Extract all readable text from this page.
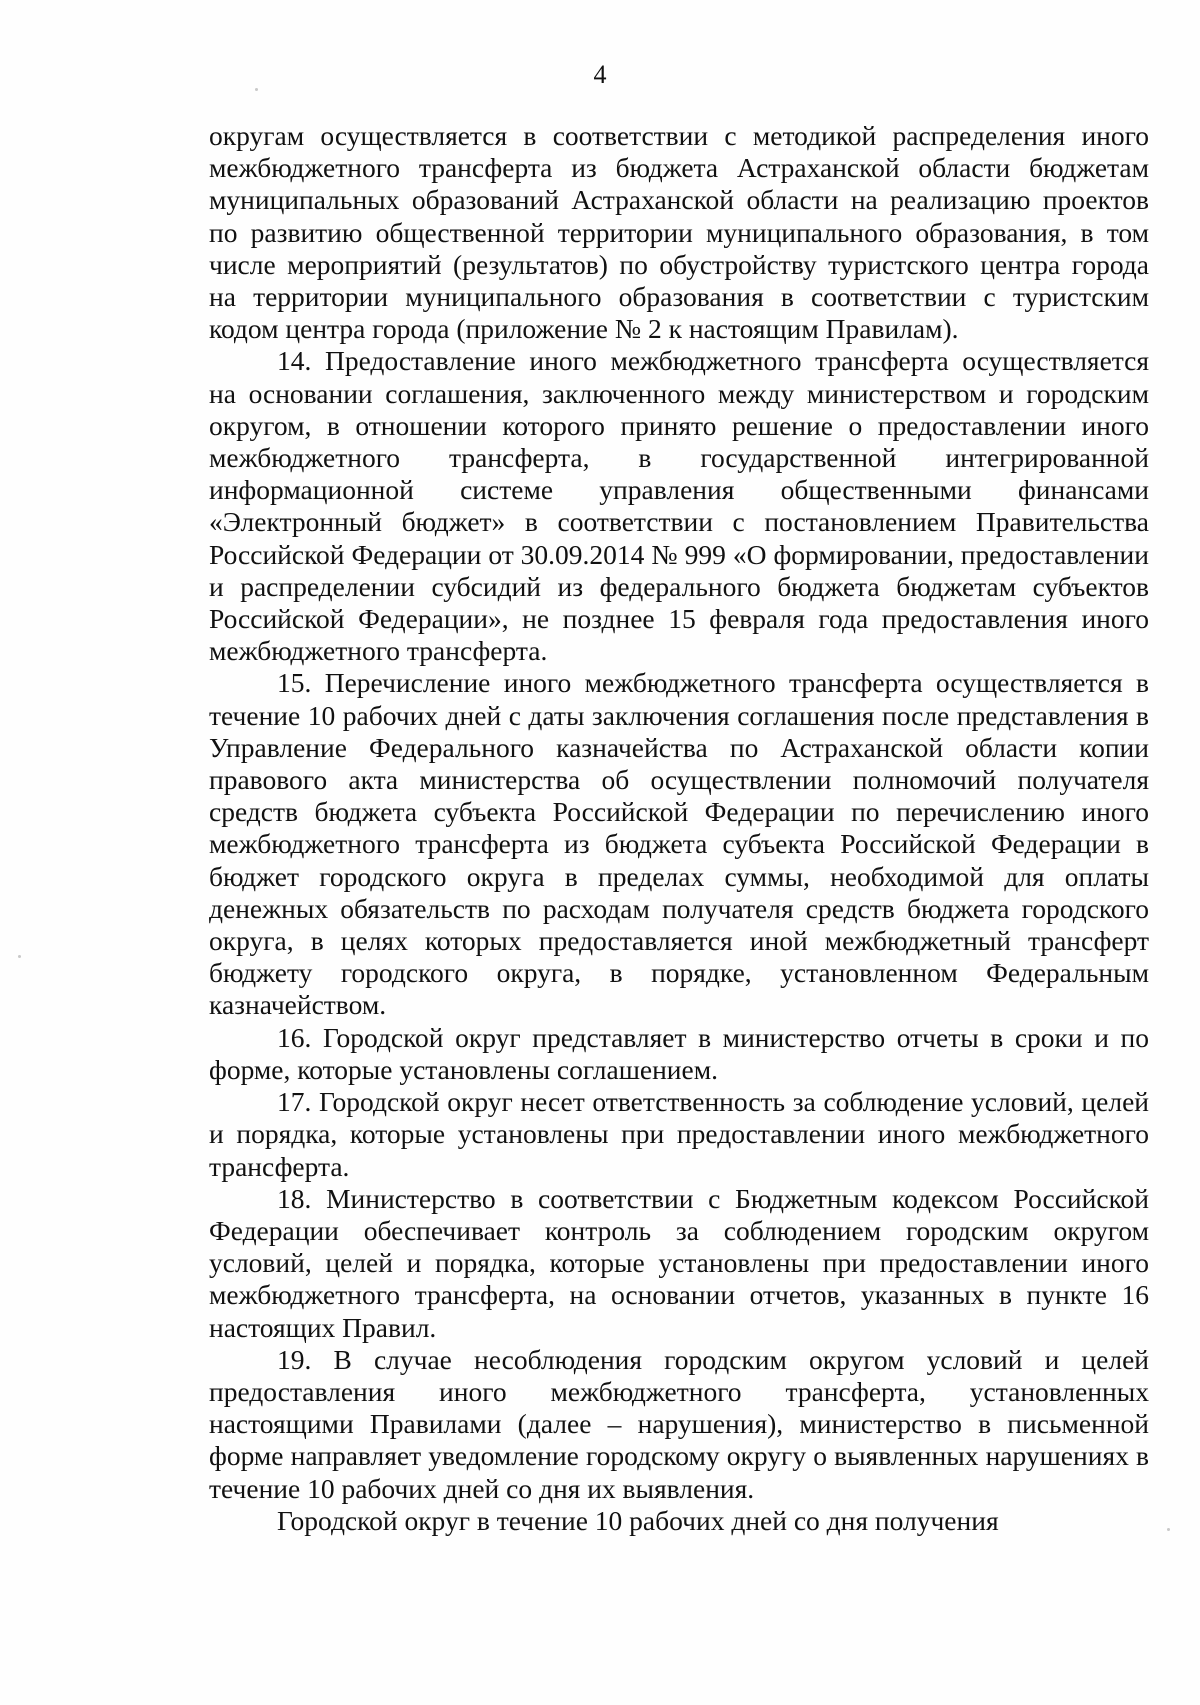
4

округам осуществляется в соответствии с методикой распределения иного межбюджетного трансферта из бюджета Астраханской области бюджетам муниципальных образований Астраханской области на реализацию проектов по развитию общественной территории муниципального образования, в том числе мероприятий (результатов) по обустройству туристского центра города на территории муниципального образования в соответствии с туристским кодом центра города (приложение № 2 к настоящим Правилам).

14. Предоставление иного межбюджетного трансферта осуществляется на основании соглашения, заключенного между министерством и городским округом, в отношении которого принято решение о предоставлении иного межбюджетного трансферта, в государственной интегрированной информационной системе управления общественными финансами «Электронный бюджет» в соответствии с постановлением Правительства Российской Федерации от 30.09.2014 № 999 «О формировании, предоставлении и распределении субсидий из федерального бюджета бюджетам субъектов Российской Федерации», не позднее 15 февраля года предоставления иного межбюджетного трансферта.

15. Перечисление иного межбюджетного трансферта осуществляется в течение 10 рабочих дней с даты заключения соглашения после представления в Управление Федерального казначейства по Астраханской области копии правового акта министерства об осуществлении полномочий получателя средств бюджета субъекта Российской Федерации по перечислению иного межбюджетного трансферта из бюджета субъекта Российской Федерации в бюджет городского округа в пределах суммы, необходимой для оплаты денежных обязательств по расходам получателя средств бюджета городского округа, в целях которых предоставляется иной межбюджетный трансферт бюджету городского округа, в порядке, установленном Федеральным казначейством.

16. Городской округ представляет в министерство отчеты в сроки и по форме, которые установлены соглашением.

17. Городской округ несет ответственность за соблюдение условий, целей и порядка, которые установлены при предоставлении иного межбюджетного трансферта.

18. Министерство в соответствии с Бюджетным кодексом Российской Федерации обеспечивает контроль за соблюдением городским округом условий, целей и порядка, которые установлены при предоставлении иного межбюджетного трансферта, на основании отчетов, указанных в пункте 16 настоящих Правил.

19. В случае несоблюдения городским округом условий и целей предоставления иного межбюджетного трансферта, установленных настоящими Правилами (далее – нарушения), министерство в письменной форме направляет уведомление городскому округу о выявленных нарушениях в течение 10 рабочих дней со дня их выявления.

Городской округ в течение 10 рабочих дней со дня получения
